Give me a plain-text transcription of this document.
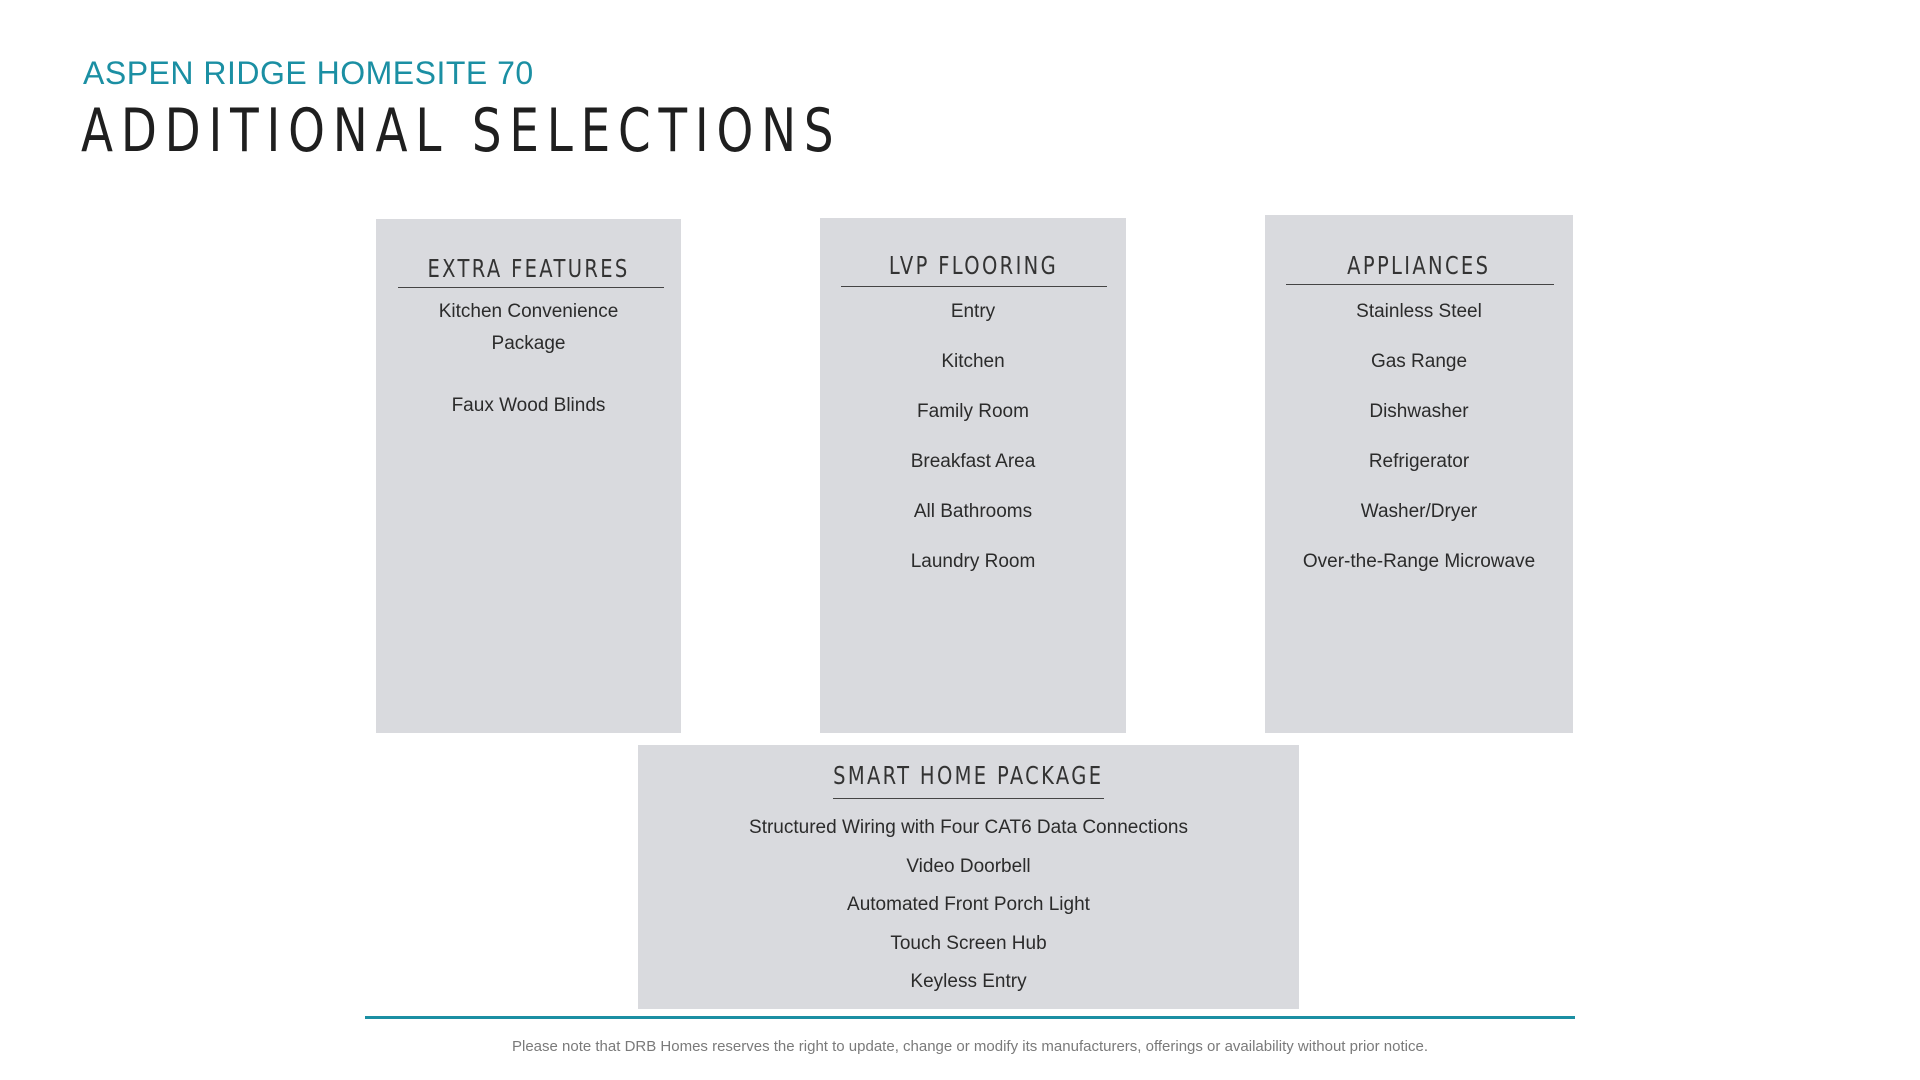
ASPEN RIDGE HOMESITE 70
ADDITIONAL SELECTIONS
EXTRA FEATURES
Kitchen Convenience Package
Faux Wood Blinds
LVP FLOORING
Entry
Kitchen
Family Room
Breakfast Area
All Bathrooms
Laundry Room
APPLIANCES
Stainless Steel
Gas Range
Dishwasher
Refrigerator
Washer/Dryer
Over-the-Range Microwave
SMART HOME PACKAGE
Structured Wiring with Four CAT6 Data Connections
Video Doorbell
Automated Front Porch Light
Touch Screen Hub
Keyless Entry
Please note that DRB Homes reserves the right to update, change or modify its manufacturers, offerings or availability without prior notice.
